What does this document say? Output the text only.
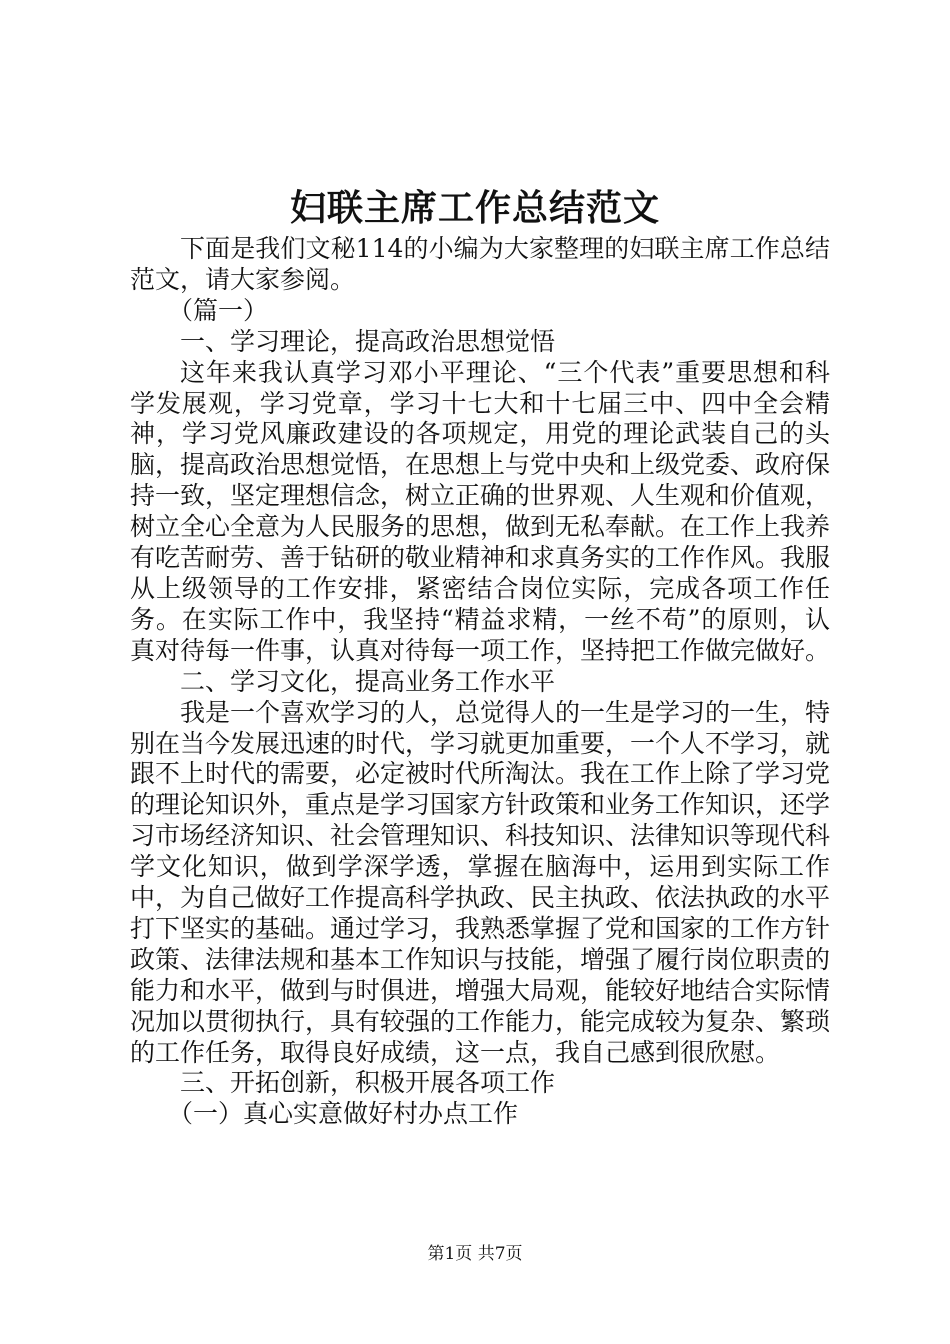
妇联主席工作总结范文

下面是我们文秘114的小编为大家整理的妇联主席工作总结范文，请大家参阅。

（篇一）

一、学习理论，提高政治思想觉悟

这年来我认真学习邓小平理论、“三个代表”重要思想和科学发展观，学习党章，学习十七大和十七届三中、四中全会精神，学习党风廉政建设的各项规定，用党的理论武装自己的头脑，提高政治思想觉悟，在思想上与党中央和上级党委、政府保持一致，坚定理想信念，树立正确的世界观、人生观和价值观，树立全心全意为人民服务的思想，做到无私奉献。在工作上我养有吃苦耐劳、善于钻研的敬业精神和求真务实的工作作风。我服从上级领导的工作安排，紧密结合岗位实际，完成各项工作任务。在实际工作中，我坚持“精益求精，一丝不苟”的原则，认真对待每一件事，认真对待每一项工作，坚持把工作做完做好。

二、学习文化，提高业务工作水平

我是一个喜欢学习的人，总觉得人的一生是学习的一生，特别在当今发展迅速的时代，学习就更加重要，一个人不学习，就跟不上时代的需要，必定被时代所淘汰。我在工作上除了学习党的理论知识外，重点是学习国家方针政策和业务工作知识，还学习市场经济知识、社会管理知识、科技知识、法律知识等现代科学文化知识，做到学深学透，掌握在脑海中，运用到实际工作中，为自己做好工作提高科学执政、民主执政、依法执政的水平打下坚实的基础。通过学习，我熟悉掌握了党和国家的工作方针政策、法律法规和基本工作知识与技能，增强了履行岗位职责的能力和水平，做到与时俱进，增强大局观，能较好地结合实际情况加以贯彻执行，具有较强的工作能力，能完成较为复杂、繁琐的工作任务，取得良好成绩，这一点，我自己感到很欣慰。

三、开拓创新，积极开展各项工作

（一）真心实意做好村办点工作

第1页 共7页
